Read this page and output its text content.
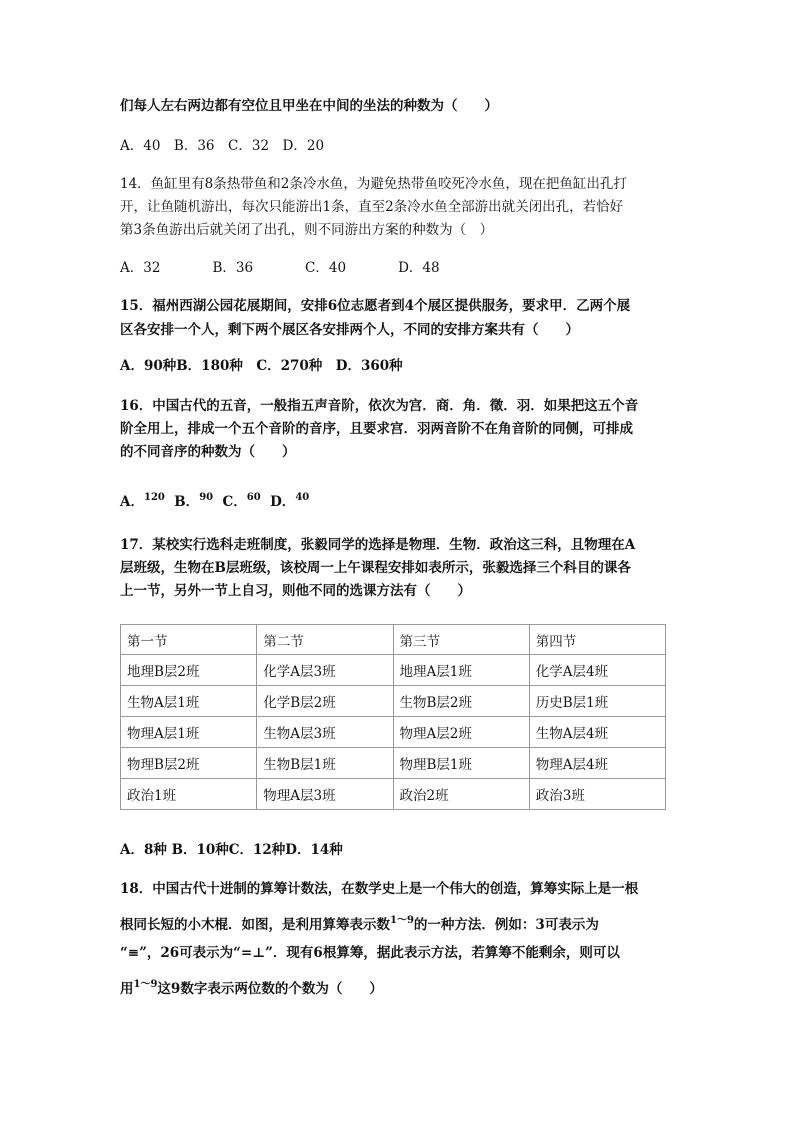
们每人左右两边都有空位且甲坐在中间的坐法的种数为（　　）
A．40　B．36　C．32　D．20
14．鱼缸里有8条热带鱼和2条冷水鱼，为避免热带鱼咬死冷水鱼，现在把鱼缸出孔打
开，让鱼随机游出，每次只能游出1条，直至2条冷水鱼全部游出就关闭出孔，若恰好
第3条鱼游出后就关闭了出孔，则不同游出方案的种数为（　）
A．32	B．36	C．40	D．48
15．福州西湖公园花展期间，安排6位志愿者到4个展区提供服务，要求甲．乙两个展
区各安排一个人，剩下两个展区各安排两个人，不同的安排方案共有（　　）
A．90种B．180种　C．270种　D．360种
16．中国古代的五音，一般指五声音阶，依次为宫．商．角．徵．羽．如果把这五个音
阶全用上，排成一个五个音阶的音序，且要求宫．羽两音阶不在角音阶的同侧，可排成
的不同音序的种数为（　　）
A．$^{120}$ B．$^{90}$ C．$^{60}$ D．$^{40}$
17．某校实行选科走班制度，张毅同学的选择是物理．生物．政治这三科，且物理在A
层班级，生物在B层班级，该校周一上午课程安排如表所示，张毅选择三个科目的课各
上一节，另外一节上自习，则他不同的选课方法有（　　）
第一节	第二节	第三节	第四节
地理B层2班	化学A层3班	地理A层1班	化学A层4班
生物A层1班	化学B层2班	生物B层2班	历史B层1班
物理A层1班	生物A层3班	物理A层2班	生物A层4班
物理B层2班	生物B层1班	物理B层1班	物理A层4班
政治1班	物理A层3班	政治2班	政治3班
A．8种 B．10种C．12种D．14种
18．中国古代十进制的算筹计数法，在数学史上是一个伟大的创造，算筹实际上是一根
根同长短的小木棍．如图，是利用算筹表示数$^{1\sim 9}$的一种方法．例如：3可表示为
“≡”，26可表示为“=⊥”．现有6根算筹，据此表示方法，若算筹不能剩余，则可以
用$^{1\sim 9}$这9数字表示两位数的个数为（　　）
